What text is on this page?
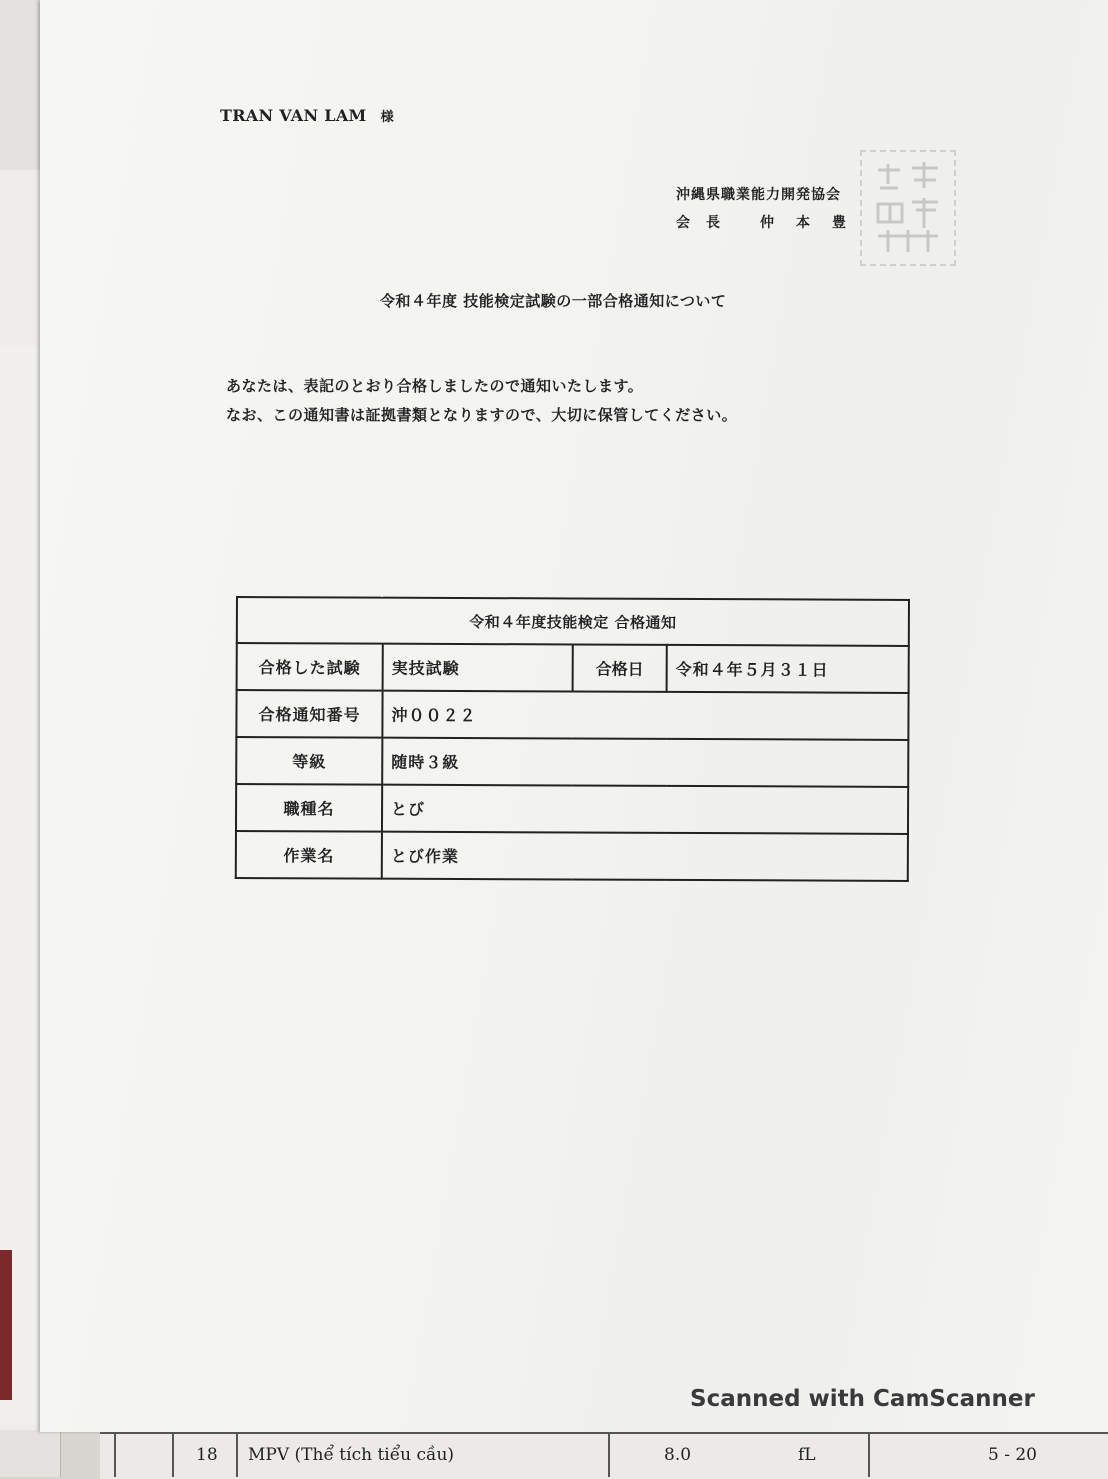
TRAN VAN LAM 様
沖縄県職業能力開発協会
会長 仲本豊
令和４年度 技能検定試験の一部合格通知について
あなたは、表記のとおり合格しましたので通知いたします。
なお、この通知書は証拠書類となりますので、大切に保管してください。
令和４年度技能検定 合格通知			
合格した試験	実技試験	合格日	令和４年５月３１日
合格通知番号	沖００２２		
等級	随時３級		
職種名	とび		
作業名	とび作業		
Scanned with CamScanner
18 MPV (Thể tích tiểu cầu)	8.0	fL	5 - 20
